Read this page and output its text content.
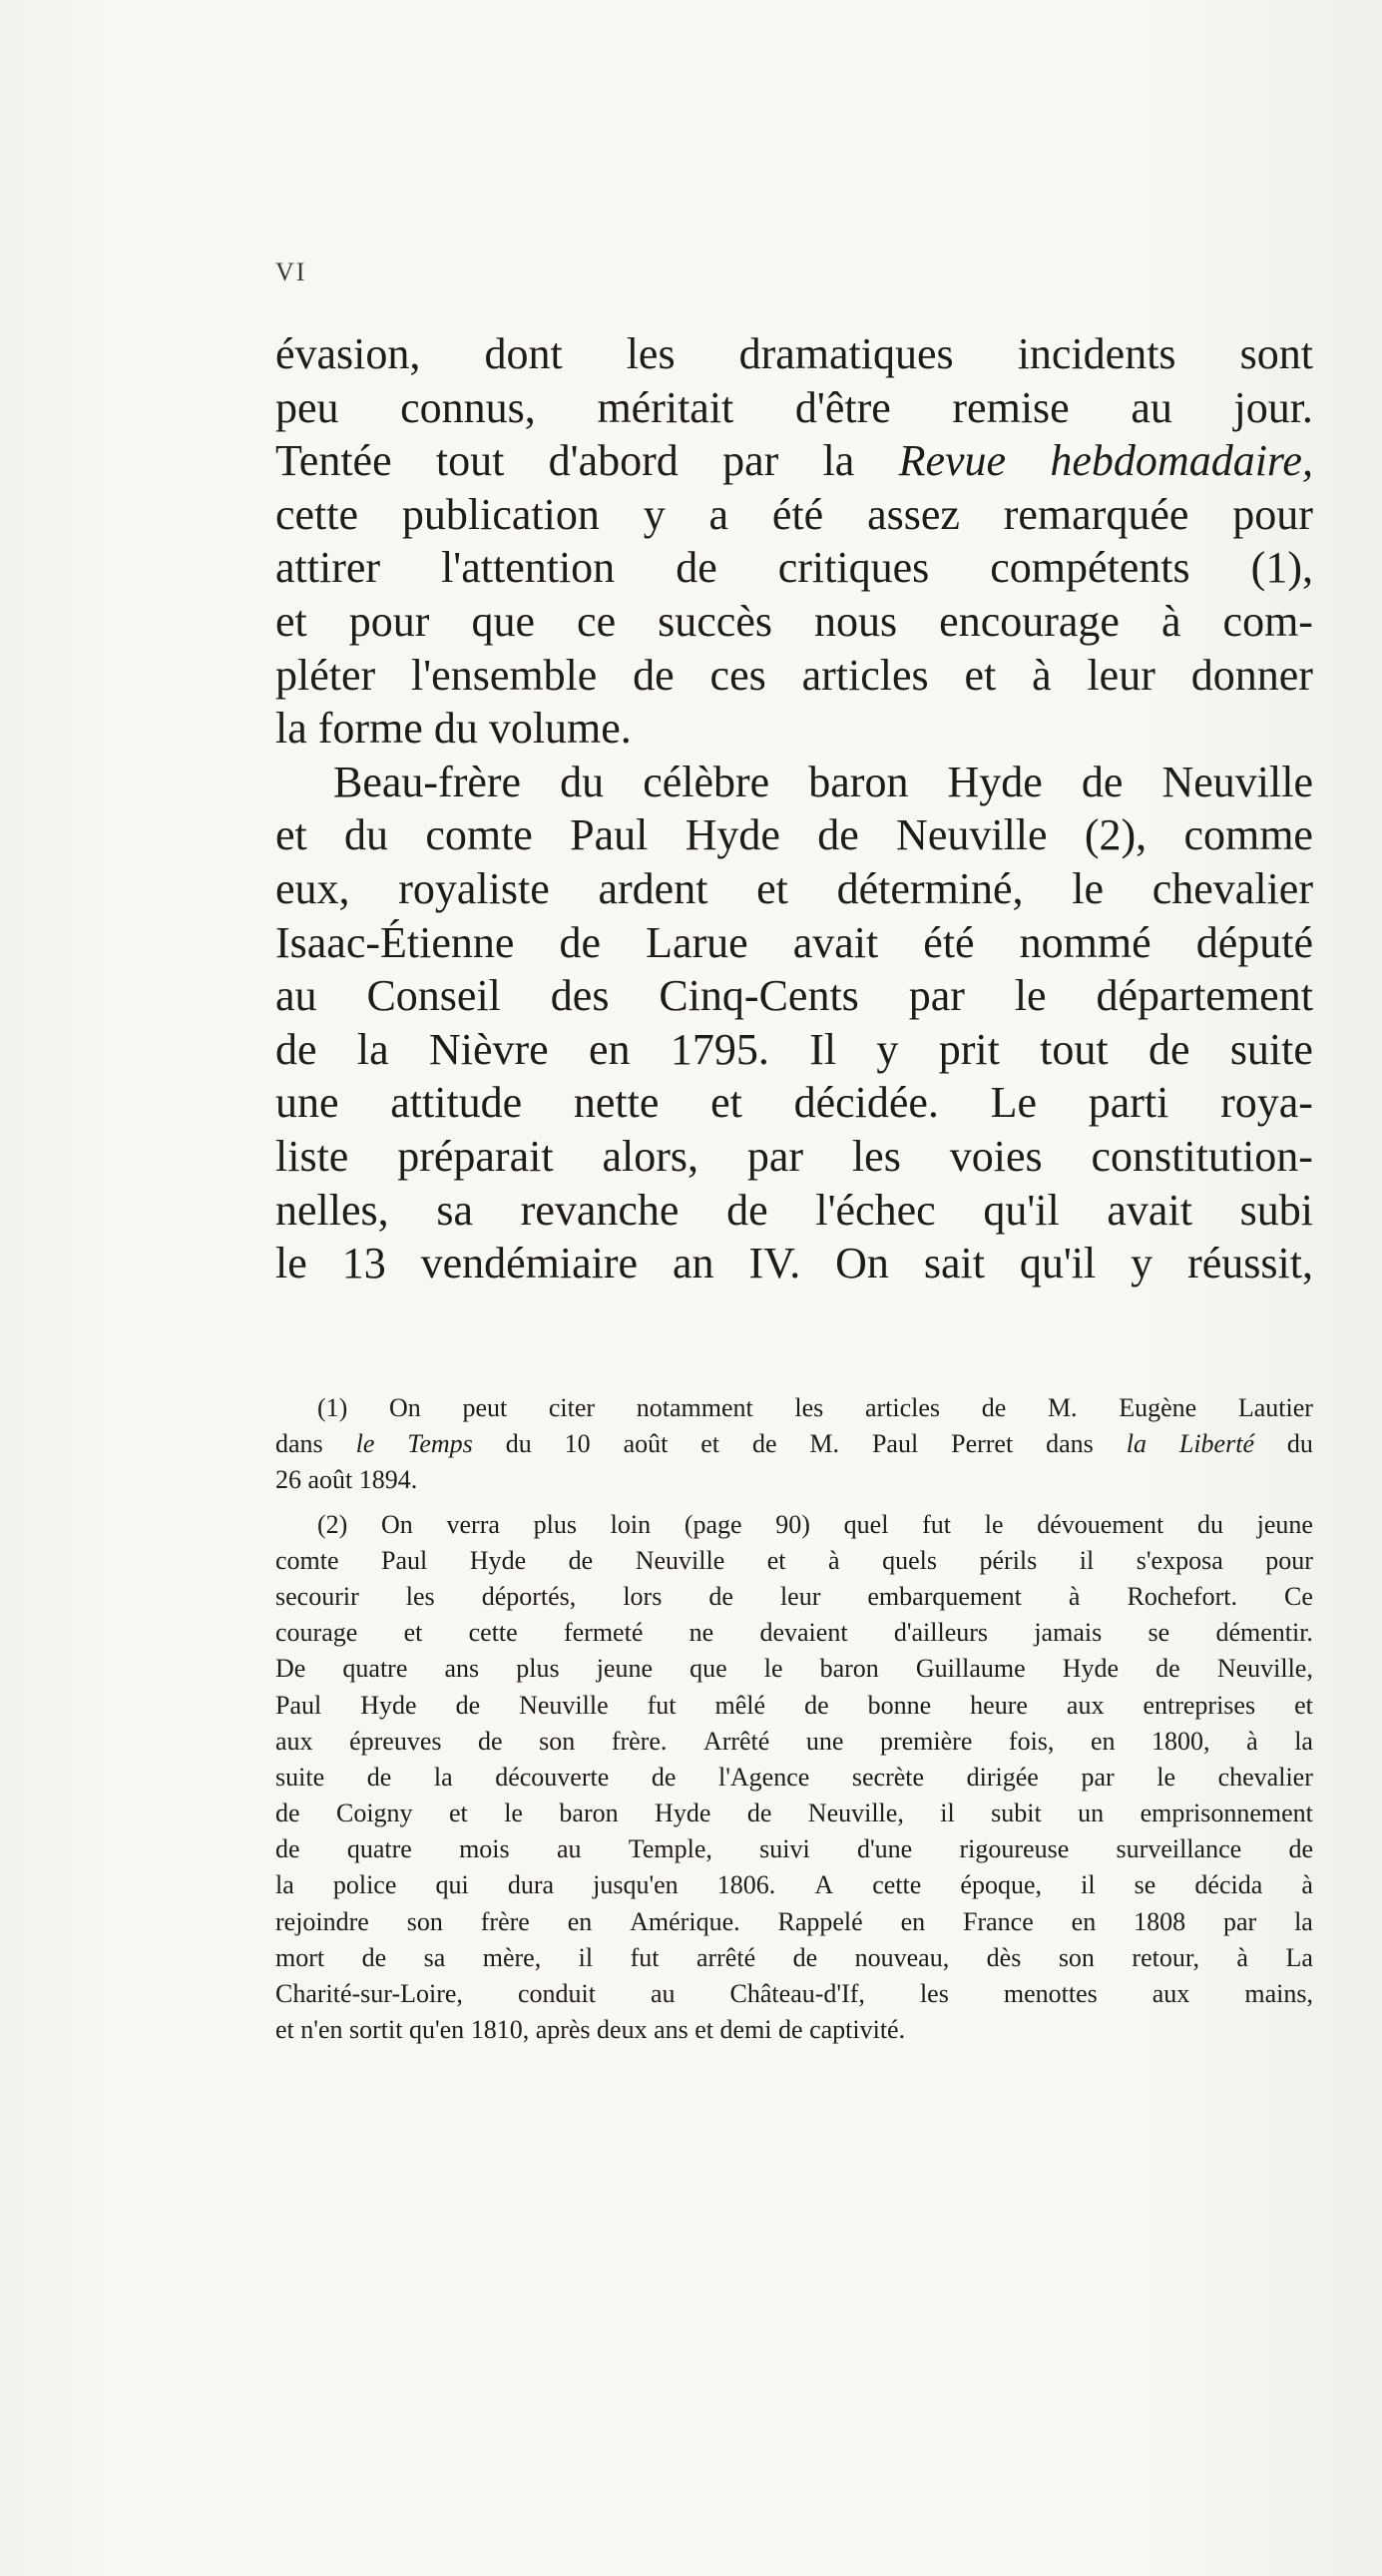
VI

évasion, dont les dramatiques incidents sont
peu connus, méritait d'être remise au jour.
Tentée tout d'abord par la Revue hebdomadaire,
cette publication y a été assez remarquée pour
attirer l'attention de critiques compétents (1),
et pour que ce succès nous encourage à com-
pléter l'ensemble de ces articles et à leur donner
la forme du volume.
Beau-frère du célèbre baron Hyde de Neuville
et du comte Paul Hyde de Neuville (2), comme
eux, royaliste ardent et déterminé, le chevalier
Isaac-Étienne de Larue avait été nommé député
au Conseil des Cinq-Cents par le département
de la Nièvre en 1795. Il y prit tout de suite
une attitude nette et décidée. Le parti roya-
liste préparait alors, par les voies constitution-
nelles, sa revanche de l'échec qu'il avait subi
le 13 vendémiaire an IV. On sait qu'il y réussit,
(1) On peut citer notamment les articles de M. Eugène Lautier
dans le Temps du 10 août et de M. Paul Perret dans la Liberté du
26 août 1894.
(2) On verra plus loin (page 90) quel fut le dévouement du jeune
comte Paul Hyde de Neuville et à quels périls il s'exposa pour
secourir les déportés, lors de leur embarquement à Rochefort. Ce
courage et cette fermeté ne devaient d'ailleurs jamais se démentir.
De quatre ans plus jeune que le baron Guillaume Hyde de Neuville,
Paul Hyde de Neuville fut mêlé de bonne heure aux entreprises et
aux épreuves de son frère. Arrêté une première fois, en 1800, à la
suite de la découverte de l'Agence secrète dirigée par le chevalier
de Coigny et le baron Hyde de Neuville, il subit un emprisonnement
de quatre mois au Temple, suivi d'une rigoureuse surveillance de
la police qui dura jusqu'en 1806. A cette époque, il se décida à
rejoindre son frère en Amérique. Rappelé en France en 1808 par la
mort de sa mère, il fut arrêté de nouveau, dès son retour, à La
Charité-sur-Loire, conduit au Château-d'If, les menottes aux mains,
et n'en sortit qu'en 1810, après deux ans et demi de captivité.
